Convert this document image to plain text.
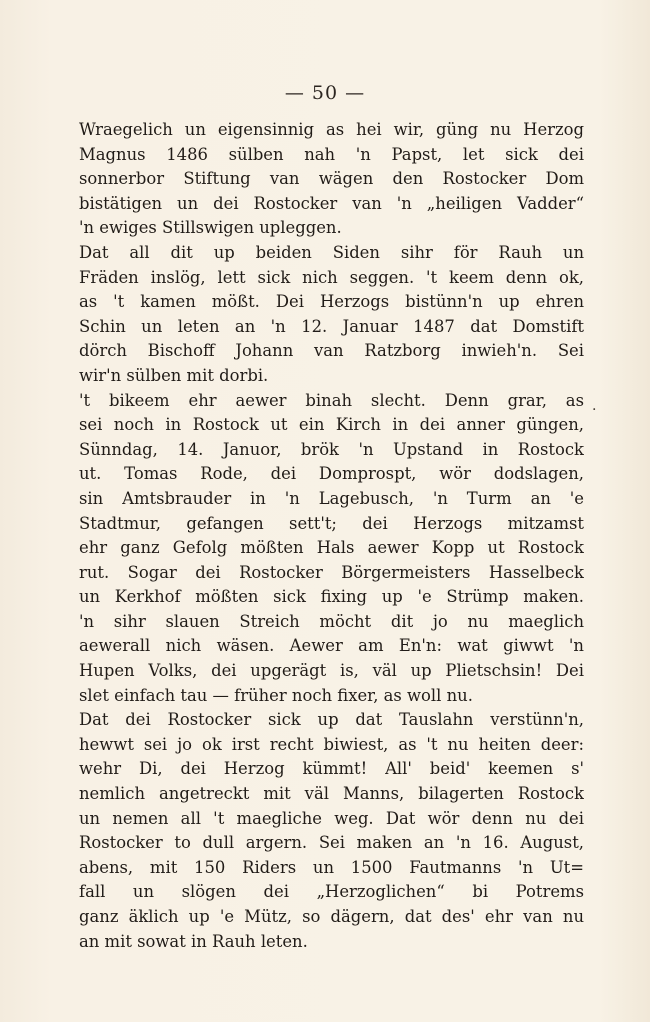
— 50 —
Wraegelich un eigensinnig as hei wir, güng nu Herzog
Magnus 1486 sülben nah 'n Papst, let sick dei
sonnerbor Stiftung van wägen den Rostocker Dom
bistätigen un dei Rostocker van 'n „heiligen Vadder“
'n ewiges Stillswigen upleggen.
Dat all dit up beiden Siden sihr för Rauh un
Fräden inslög, lett sick nich seggen. 't keem denn ok,
as 't kamen mößt. Dei Herzogs bistünn'n up ehren
Schin un leten an 'n 12. Januar 1487 dat Domstift
dörch Bischoff Johann van Ratzborg inwieh'n. Sei
wir'n sülben mit dorbi.
't bikeem ehr aewer binah slecht. Denn grar, as
sei noch in Rostock ut ein Kirch in dei anner güngen,
Sünndag, 14. Januor, brök 'n Upstand in Rostock
ut. Tomas Rode, dei Domprospt, wör dodslagen,
sin Amtsbrauder in 'n Lagebusch, 'n Turm an 'e
Stadtmur, gefangen sett't; dei Herzogs mitzamst
ehr ganz Gefolg mößten Hals aewer Kopp ut Rostock
rut. Sogar dei Rostocker Börgermeisters Hasselbeck
un Kerkhof mößten sick fixing up 'e Strümp maken.
'n sihr slauen Streich möcht dit jo nu maeglich
aewerall nich wäsen. Aewer am En'n: wat giwwt 'n
Hupen Volks, dei upgerägt is, väl up Plietschsin! Dei
slet einfach tau — früher noch fixer, as woll nu.
Dat dei Rostocker sick up dat Tauslahn verstünn'n,
hewwt sei jo ok irst recht biwiest, as 't nu heiten deer:
wehr Di, dei Herzog kümmt! All' beid' keemen s'
nemlich angetreckt mit väl Manns, bilagerten Rostock
un nemen all 't maegliche weg. Dat wör denn nu dei
Rostocker to dull argern. Sei maken an 'n 16. August,
abens, mit 150 Riders un 1500 Fautmanns 'n Ut=
fall un slögen dei „Herzoglichen“ bi Potrems
ganz äklich up 'e Mütz, so dägern, dat des' ehr van nu
an mit sowat in Rauh leten.
.
